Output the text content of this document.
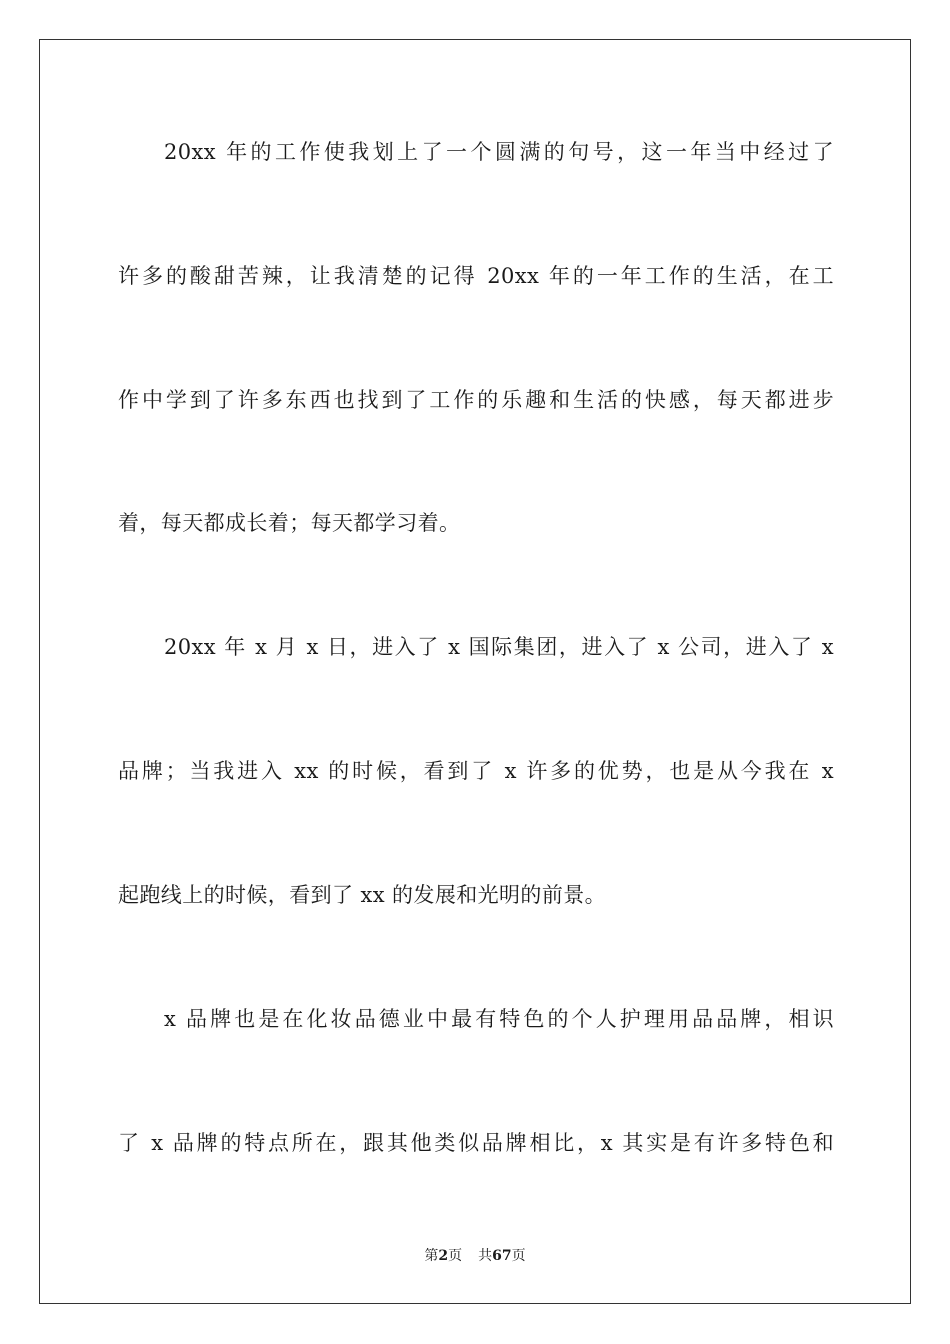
20xx 年的工作使我划上了一个圆满的句号，这一年当中经过了
许多的酸甜苦辣，让我清楚的记得 20xx 年的一年工作的生活，在工
作中学到了许多东西也找到了工作的乐趣和生活的快感，每天都进步
着，每天都成长着；每天都学习着。
20xx 年 x 月 x 日，进入了 x 国际集团，进入了 x 公司，进入了 x
品牌；当我进入 xx 的时候，看到了 x 许多的优势，也是从今我在 x
起跑线上的时候，看到了 xx 的发展和光明的前景。
x 品牌也是在化妆品德业中最有特色的个人护理用品品牌，相识
了 x 品牌的特点所在，跟其他类似品牌相比，x 其实是有许多特色和
第2页 共67页
